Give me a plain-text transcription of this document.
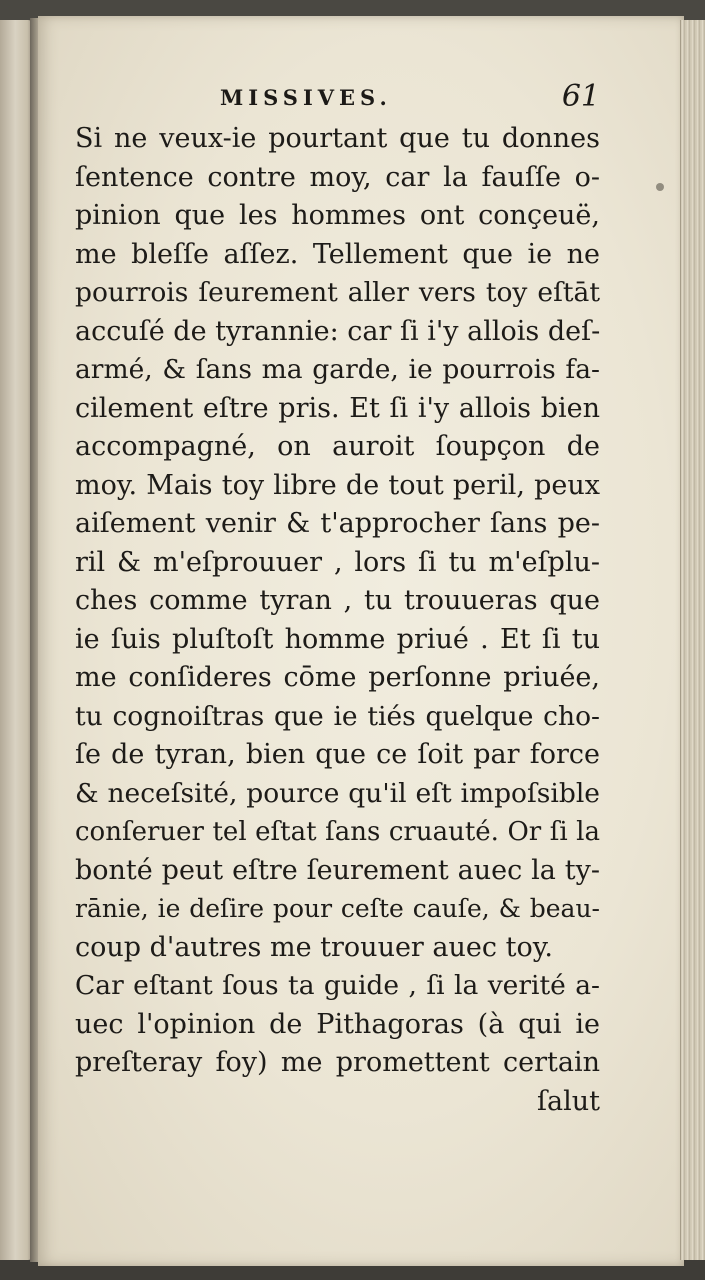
MISSIVES.	61
Si ne veux-ie pourtant que tu donnes
ſentence contre moy, car la fauſſe o-
pinion que les hommes ont conçeuë,
me bleſſe aſſez. Tellement que ie ne
pourrois ſeurement aller vers toy eſtāt
accuſé de tyrannie: car ſi i'y allois deſ-
armé, & ſans ma garde, ie pourrois fa-
cilement eſtre pris. Et ſi i'y allois bien
accompagné, on auroit ſoupçon de
moy. Mais toy libre de tout peril, peux
aiſement venir & t'approcher ſans pe-
ril & m'eſprouuer , lors ſi tu m'eſplu-
ches comme tyran , tu trouueras que
ie ſuis pluſtoſt homme priué . Et ſi tu
me conſideres cōme perſonne priuée,
tu cognoiſtras que ie tiés quelque cho-
ſe de tyran, bien que ce ſoit par force
& neceſsité, pource qu'il eſt impoſsible
conſeruer tel eſtat ſans cruauté. Or ſi la
bonté peut eſtre ſeurement auec la ty-
rānie, ie deſire pour ceſte cauſe, & beau-
coup d'autres me trouuer auec toy.
Car eſtant ſous ta guide , ſi la verité a-
uec l'opinion de Pithagoras (à qui ie
preſteray foy) me promettent certain
ſalut
